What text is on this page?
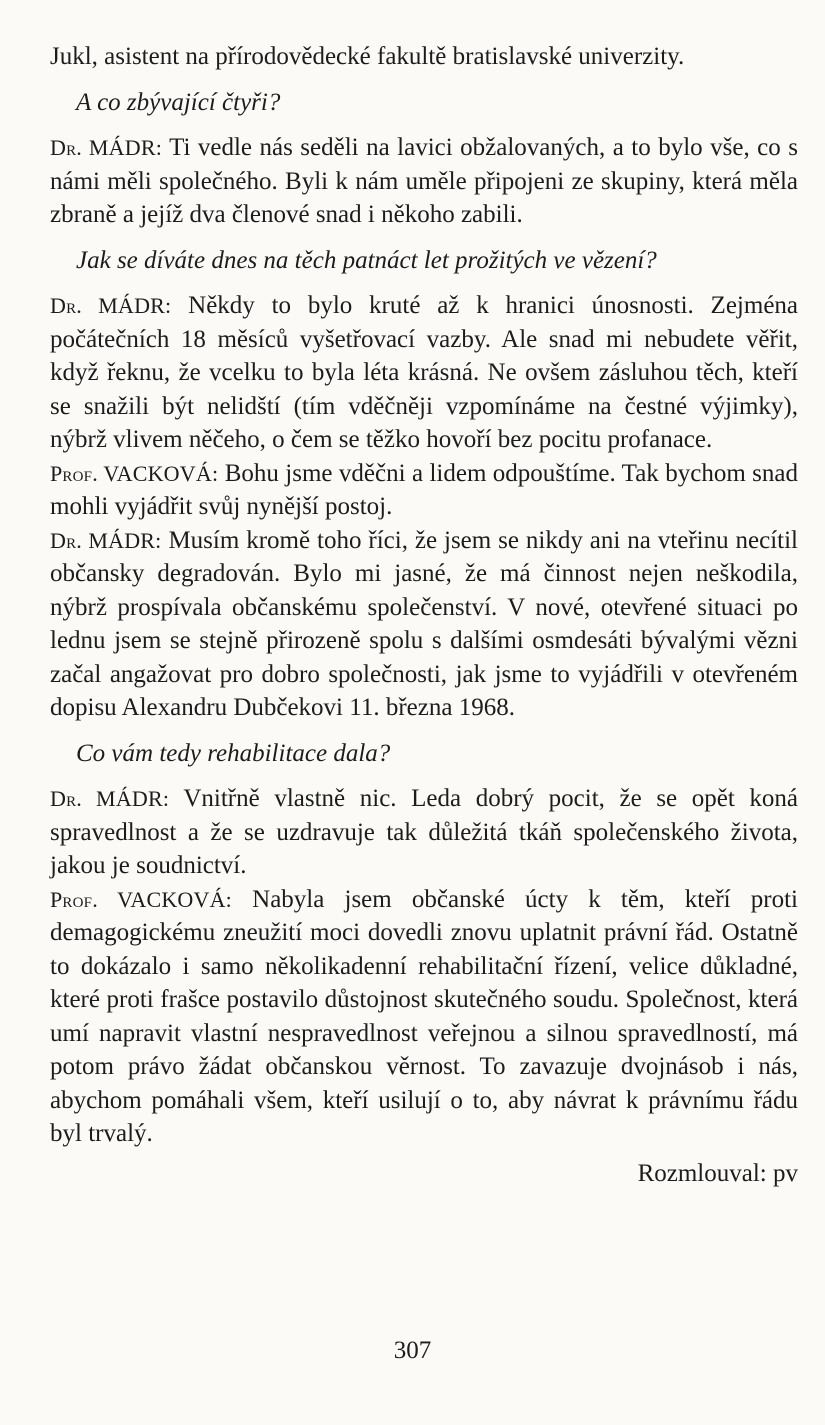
Jukl, asistent na přírodovědecké fakultě bratislavské univerzity.

A co zbývající čtyři?

Dr. MÁDR: Ti vedle nás seděli na lavici obžalovaných, a to bylo vše, co s námi měli společného. Byli k nám uměle připojeni ze skupiny, která měla zbraně a jejíž dva členové snad i někoho zabili.

Jak se díváte dnes na těch patnáct let prožitých ve vězení?

Dr. MÁDR: Někdy to bylo kruté až k hranici únosnosti. Zejména počátečních 18 měsíců vyšetřovací vazby. Ale snad mi nebudete věřit, když řeknu, že vcelku to byla léta krásná. Ne ovšem zásluhou těch, kteří se snažili být nelidští (tím vděčněji vzpomínáme na čestné výjimky), nýbrž vlivem něčeho, o čem se těžko hovoří bez pocitu profanace.

Prof. VACKOVÁ: Bohu jsme vděčni a lidem odpouštíme. Tak bychom snad mohli vyjádřit svůj nynější postoj.

Dr. MÁDR: Musím kromě toho říci, že jsem se nikdy ani na vteřinu necítil občansky degradován. Bylo mi jasné, že má činnost nejen neškodila, nýbrž prospívala občanskému společenství. V nové, otevřené situaci po lednu jsem se stejně přirozeně spolu s dalšími osmdesáti bývalými vězni začal angažovat pro dobro společnosti, jak jsme to vyjádřili v otevřeném dopisu Alexandru Dubčekovi 11. března 1968.

Co vám tedy rehabilitace dala?

Dr. MÁDR: Vnitřně vlastně nic. Leda dobrý pocit, že se opět koná spravedlnost a že se uzdravuje tak důležitá tkáň společenského života, jakou je soudnictví.

Prof. VACKOVÁ: Nabyla jsem občanské úcty k těm, kteří proti demagogickému zneužití moci dovedli znovu uplatnit právní řád. Ostatně to dokázalo i samo několikadenní rehabilitační řízení, velice důkladné, které proti frašce postavilo důstojnost skutečného soudu. Společnost, která umí napravit vlastní nespravedlnost veřejnou a silnou spravedlností, má potom právo žádat občanskou věrnost. To zavazuje dvojnásob i nás, abychom pomáhali všem, kteří usilují o to, aby návrat k právnímu řádu byl trvalý.

Rozmlouval: pv

307
